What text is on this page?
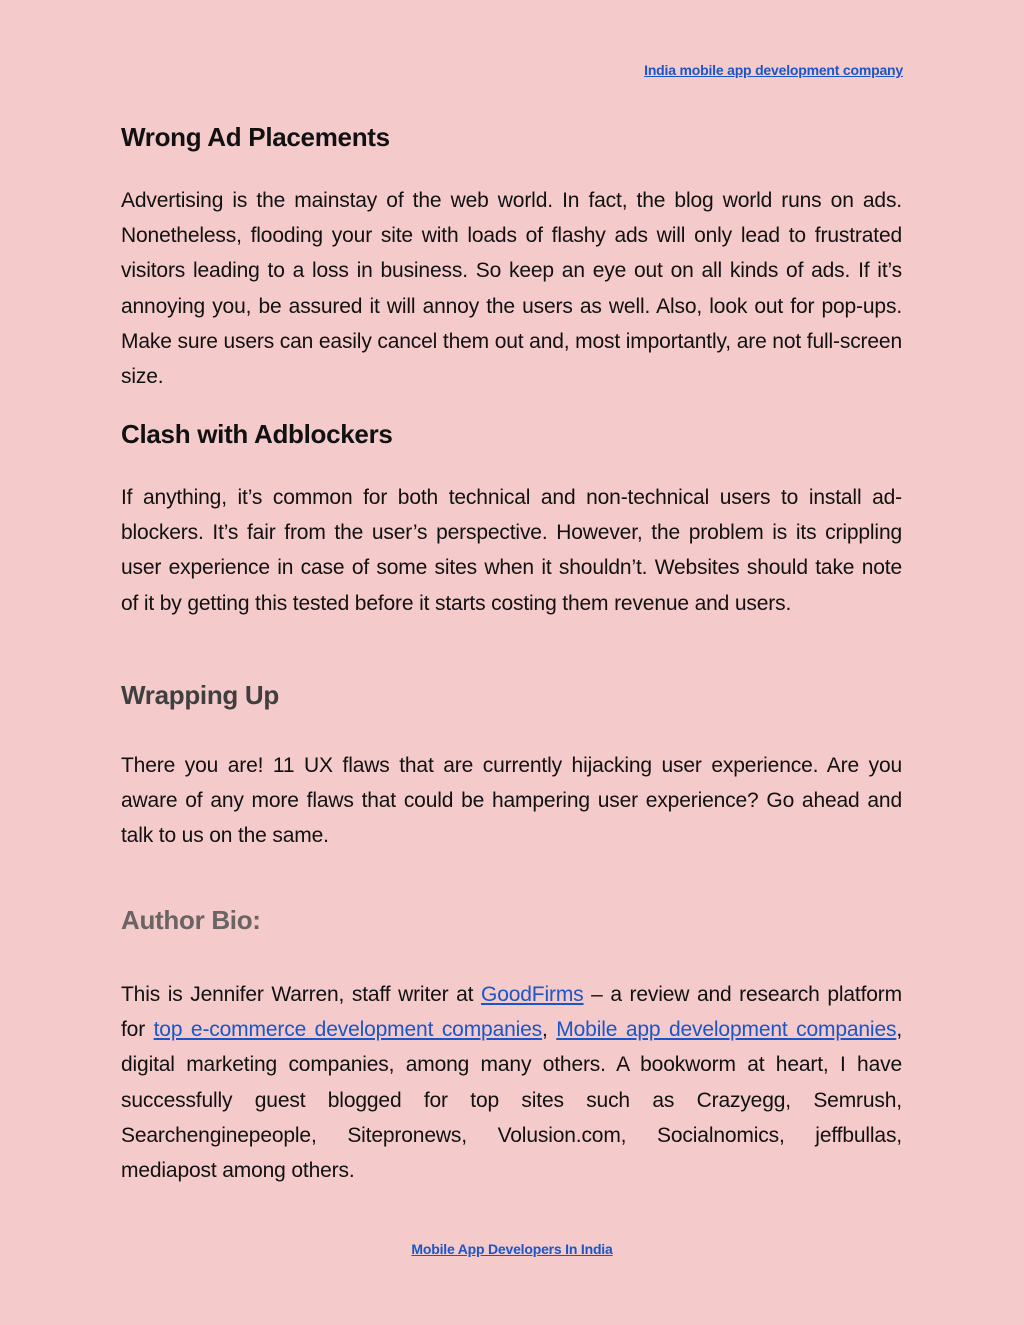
India mobile app development company
Wrong Ad Placements

Advertising is the mainstay of the web world. In fact, the blog world runs on ads. Nonetheless, flooding your site with loads of flashy ads will only lead to frustrated visitors leading to a loss in business. So keep an eye out on all kinds of ads. If it’s annoying you, be assured it will annoy the users as well. Also, look out for pop-ups. Make sure users can easily cancel them out and, most importantly, are not full-screen size.

Clash with Adblockers

If anything, it’s common for both technical and non-technical users to install ad-blockers. It’s fair from the user’s perspective. However, the problem is its crippling user experience in case of some sites when it shouldn’t. Websites should take note of it by getting this tested before it starts costing them revenue and users.

Wrapping Up

There you are! 11 UX flaws that are currently hijacking user experience. Are you aware of any more flaws that could be hampering user experience? Go ahead and talk to us on the same.

Author Bio:

This is Jennifer Warren, staff writer at GoodFirms – a review and research platform for top e-commerce development companies, Mobile app development companies, digital marketing companies, among many others. A bookworm at heart, I have successfully guest blogged for top sites such as Crazyegg, Semrush, Searchenginepeople, Sitepronews, Volusion.com, Socialnomics, jeffbullas, mediapost among others.

Mobile App Developers In India
